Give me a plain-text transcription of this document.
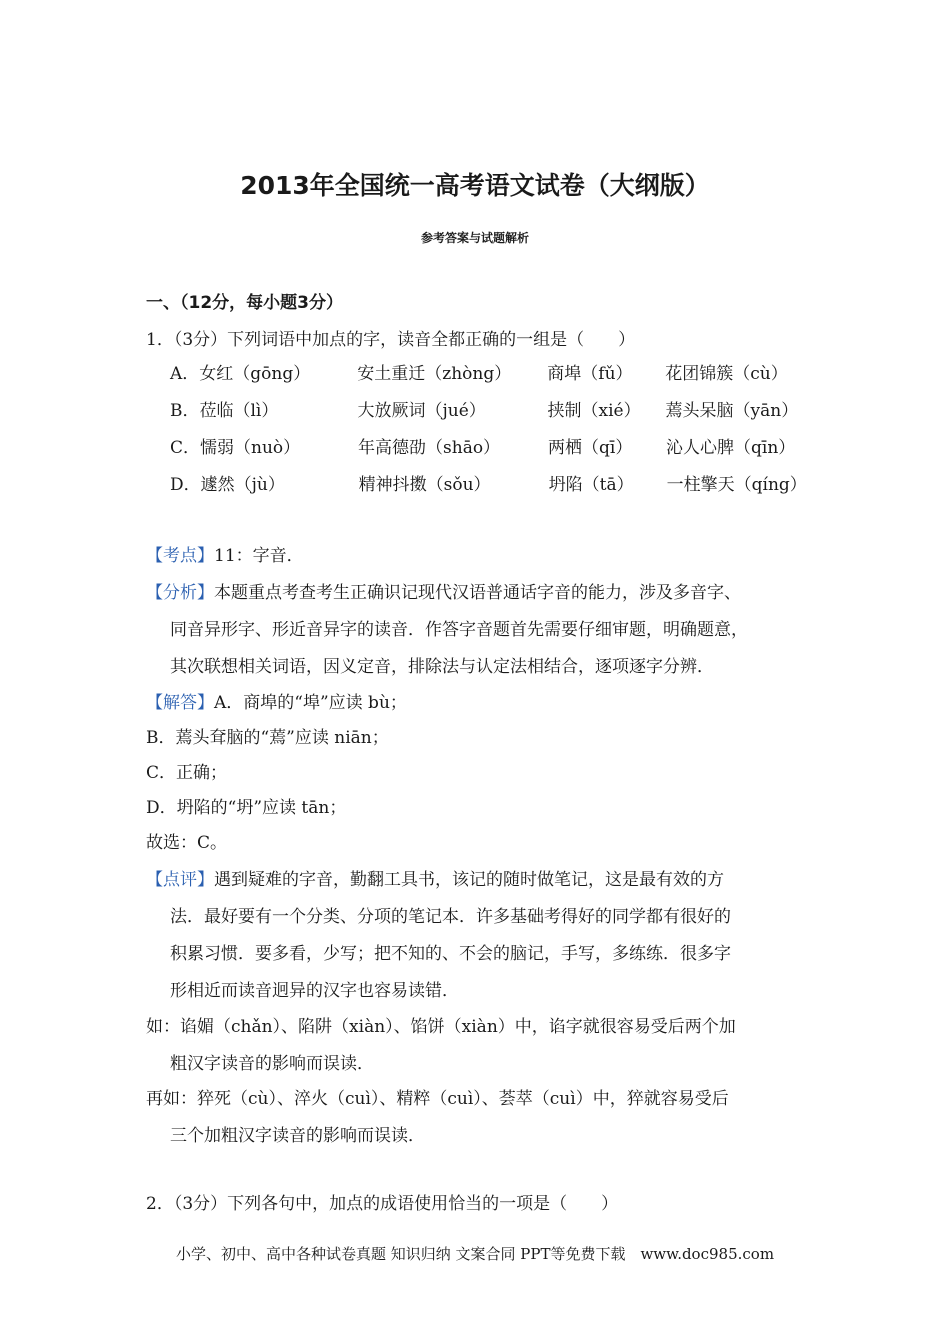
2013年全国统一高考语文试卷（大纲版）
参考答案与试题解析
一、（12分，每小题3分）
1．（3分）下列词语中加点的字，读音全都正确的一组是（　　）
A． 女红（gōng）	安土重迁（zhòng）	商埠（fǔ）	花团锦簇（cù）
B． 莅临（lì）	大放厥词（jué）	挟制（xié）	蔫头呆脑（yān）
C． 懦弱（nuò）	年高德劭（shāo）	两栖（qī）	沁人心脾（qīn）
D． 遽然（jù）	精神抖擞（sǒu）	坍陷（tā）	一柱擎天（qíng）
【考点】11：字音．
【分析】本题重点考查考生正确识记现代汉语普通话字音的能力，涉及多音字、
同音异形字、形近音异字的读音．作答字音题首先需要仔细审题，明确题意，
其次联想相关词语，因义定音，排除法与认定法相结合，逐项逐字分辨．
【解答】A．商埠的“埠”应读 bù；
B．蔫头耷脑的“蔫”应读 niān；
C．正确；
D．坍陷的“坍”应读 tān；
故选：C。
【点评】遇到疑难的字音，勤翻工具书，该记的随时做笔记，这是最有效的方
法．最好要有一个分类、分项的笔记本．许多基础考得好的同学都有很好的
积累习惯．要多看，少写；把不知的、不会的脑记，手写，多练练．很多字
形相近而读音迥异的汉字也容易读错．
如：谄媚（chǎn）、陷阱（xiàn）、馅饼（xiàn）中，谄字就很容易受后两个加
粗汉字读音的影响而误读．
再如：猝死（cù）、淬火（cuì）、精粹（cuì）、荟萃（cuì）中，猝就容易受后
三个加粗汉字读音的影响而误读．
2．（3分）下列各句中，加点的成语使用恰当的一项是（　　）
小学、初中、高中各种试卷真题 知识归纳 文案合同 PPT等免费下载　www.doc985.com
